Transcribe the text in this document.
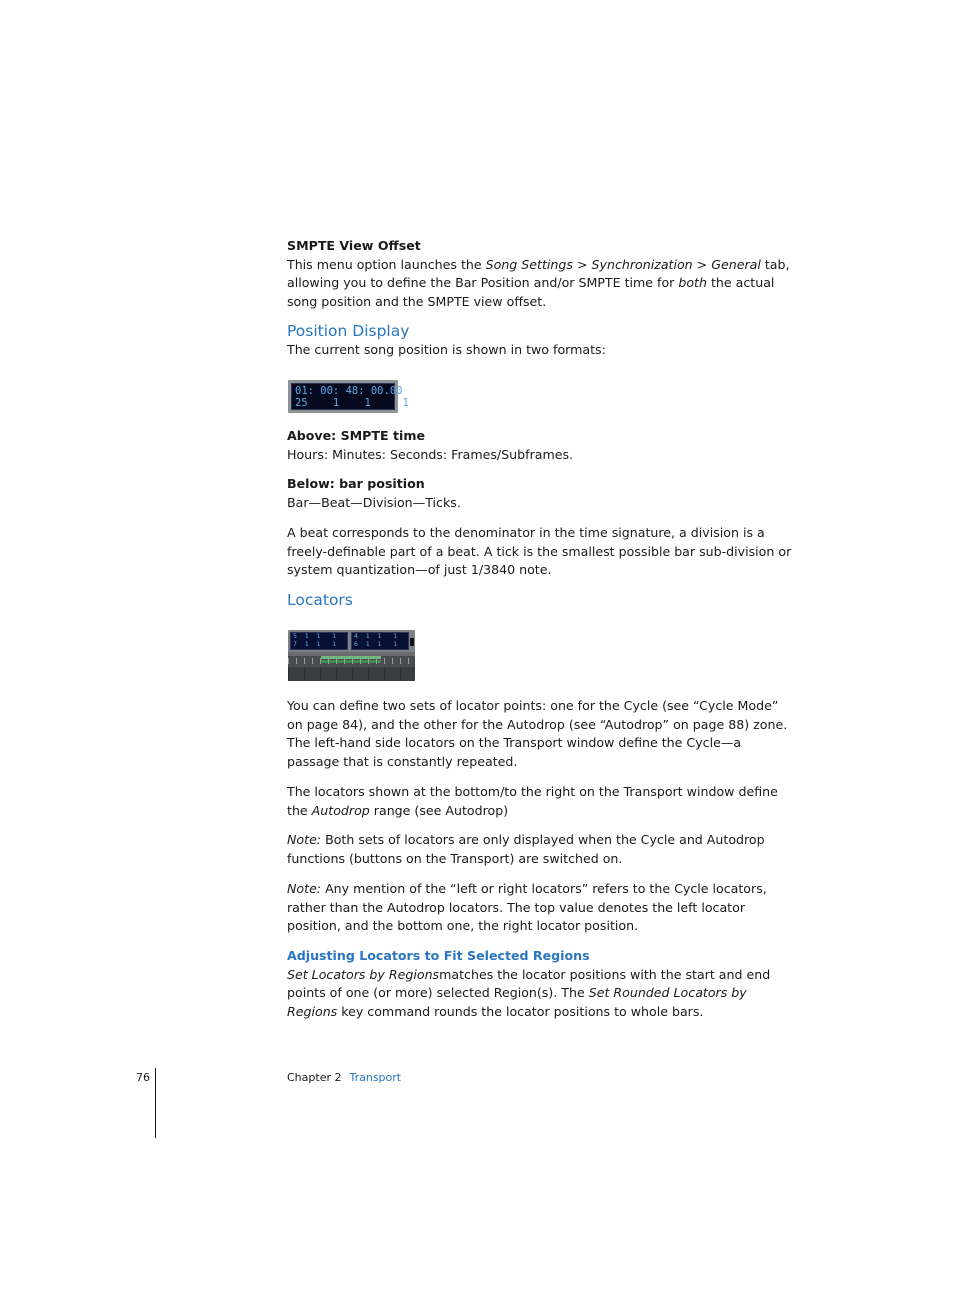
SMPTE View Offset

This menu option launches the Song Settings > Synchronization > General tab, allowing you to define the Bar Position and/or SMPTE time for both the actual song position and the SMPTE view offset.

Position Display

The current song position is shown in two formats:

01: 00: 48: 00.00
25    1    1     1
Above: SMPTE time

Hours: Minutes: Seconds: Frames/Subframes.

Below: bar position

Bar—Beat—Division—Ticks.

A beat corresponds to the denominator in the time signature, a division is a freely-definable part of a beat. A tick is the smallest possible bar sub-division or system quantization—of just 1/3840 note.

Locators
5  1  1   1
7  1  1   1
4  1  1   1
6  1  1   1

You can define two sets of locator points: one for the Cycle (see “Cycle Mode” on page 84), and the other for the Autodrop (see “Autodrop” on page 88) zone. The left-hand side locators on the Transport window define the Cycle—a passage that is constantly repeated.

The locators shown at the bottom/to the right on the Transport window define the Autodrop range (see Autodrop)

Note: Both sets of locators are only displayed when the Cycle and Autodrop functions (buttons on the Transport) are switched on.

Note: Any mention of the “left or right locators” refers to the Cycle locators, rather than the Autodrop locators. The top value denotes the left locator position, and the bottom one, the right locator position.

Adjusting Locators to Fit Selected Regions

Set Locators by Regionsmatches the locator positions with the start and end points of one (or more) selected Region(s). The Set Rounded Locators by Regions key command rounds the locator positions to whole bars.

76	Chapter 2 Transport
